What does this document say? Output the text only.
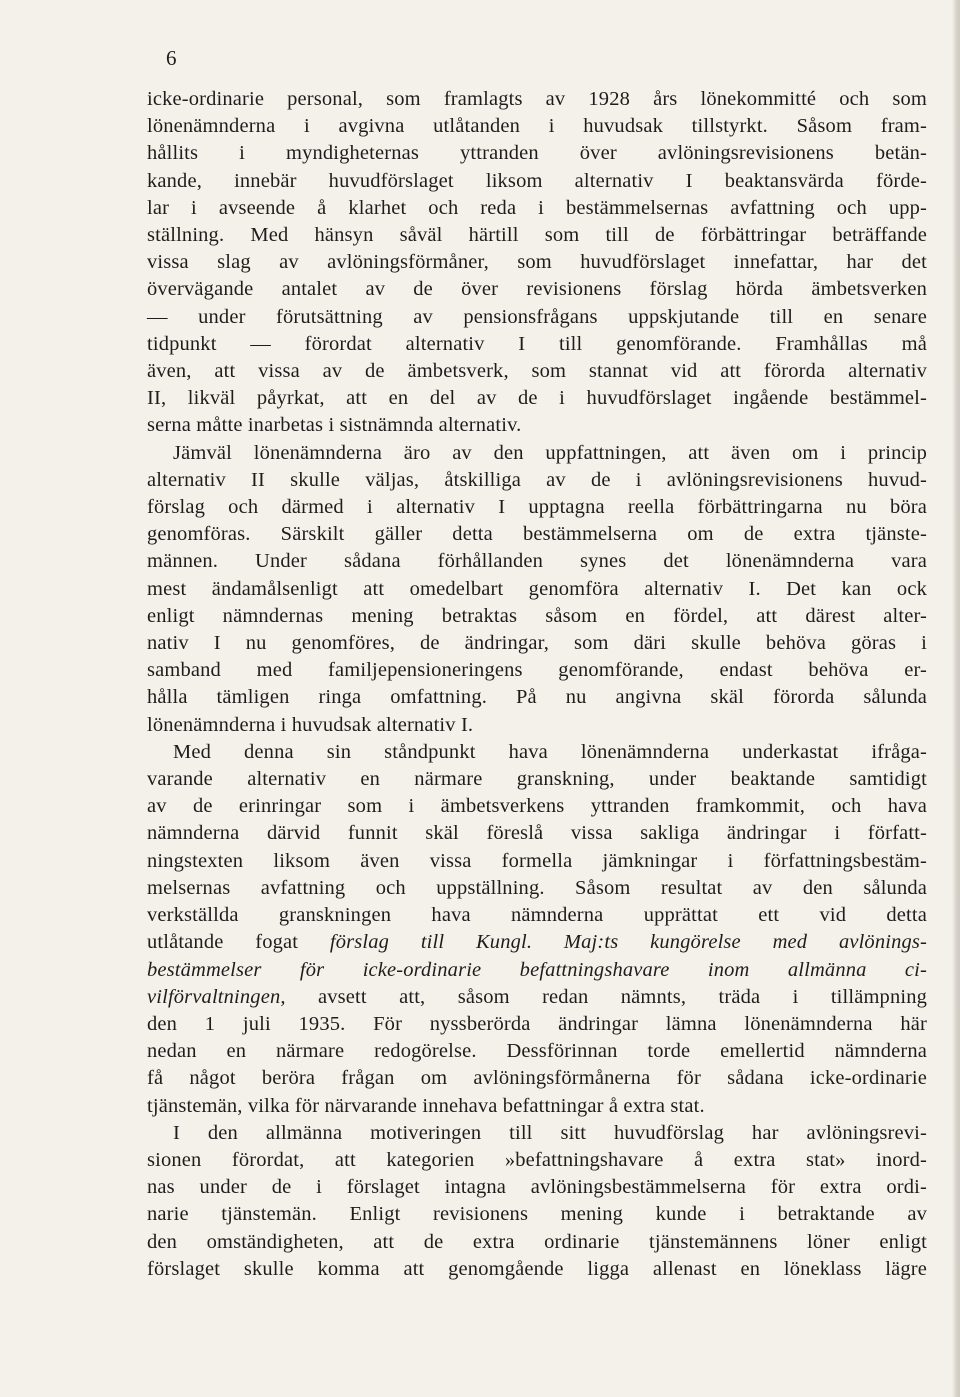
6
icke-ordinarie personal, som framlagts av 1928 års lönekommitté och som
lönenämnderna i avgivna utlåtanden i huvudsak tillstyrkt. Såsom fram-
hållits i myndigheternas yttranden över avlöningsrevisionens betän-
kande, innebär huvudförslaget liksom alternativ I beaktansvärda förde-
lar i avseende å klarhet och reda i bestämmelsernas avfattning och upp-
ställning. Med hänsyn såväl härtill som till de förbättringar beträffande
vissa slag av avlöningsförmåner, som huvudförslaget innefattar, har det
övervägande antalet av de över revisionens förslag hörda ämbetsverken
— under förutsättning av pensionsfrågans uppskjutande till en senare
tidpunkt — förordat alternativ I till genomförande. Framhållas må
även, att vissa av de ämbetsverk, som stannat vid att förorda alternativ
II, likväl påyrkat, att en del av de i huvudförslaget ingående bestämmel-
serna måtte inarbetas i sistnämnda alternativ.
Jämväl lönenämnderna äro av den uppfattningen, att även om i princip
alternativ II skulle väljas, åtskilliga av de i avlöningsrevisionens huvud-
förslag och därmed i alternativ I upptagna reella förbättringarna nu böra
genomföras. Särskilt gäller detta bestämmelserna om de extra tjänste-
männen. Under sådana förhållanden synes det lönenämnderna vara
mest ändamålsenligt att omedelbart genomföra alternativ I. Det kan ock
enligt nämndernas mening betraktas såsom en fördel, att därest alter-
nativ I nu genomföres, de ändringar, som däri skulle behöva göras i
samband med familjepensioneringens genomförande, endast behöva er-
hålla tämligen ringa omfattning. På nu angivna skäl förorda sålunda
lönenämnderna i huvudsak alternativ I.
Med denna sin ståndpunkt hava lönenämnderna underkastat ifråga-
varande alternativ en närmare granskning, under beaktande samtidigt
av de erinringar som i ämbetsverkens yttranden framkommit, och hava
nämnderna därvid funnit skäl föreslå vissa sakliga ändringar i författ-
ningstexten liksom även vissa formella jämkningar i författningsbestäm-
melsernas avfattning och uppställning. Såsom resultat av den sålunda
verkställda granskningen hava nämnderna upprättat ett vid detta
utlåtande fogat förslag till Kungl. Maj:ts kungörelse med avlönings-
bestämmelser för icke-ordinarie befattningshavare inom allmänna ci-
vilförvaltningen, avsett att, såsom redan nämnts, träda i tillämpning
den 1 juli 1935. För nyssberörda ändringar lämna lönenämnderna här
nedan en närmare redogörelse. Dessförinnan torde emellertid nämnderna
få något beröra frågan om avlöningsförmånerna för sådana icke-ordinarie
tjänstemän, vilka för närvarande innehava befattningar å extra stat.
I den allmänna motiveringen till sitt huvudförslag har avlöningsrevi-
sionen förordat, att kategorien »befattningshavare å extra stat» inord-
nas under de i förslaget intagna avlöningsbestämmelserna för extra ordi-
narie tjänstemän. Enligt revisionens mening kunde i betraktande av
den omständigheten, att de extra ordinarie tjänstemännens löner enligt
förslaget skulle komma att genomgående ligga allenast en löneklass lägre
